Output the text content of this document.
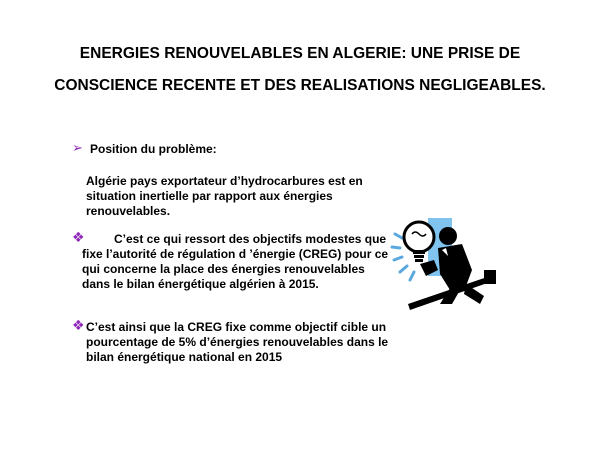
ENERGIES RENOUVELABLES EN ALGERIE: UNE PRISE DE
CONSCIENCE RECENTE ET DES REALISATIONS NEGLIGEABLES.
➢ Position du problème:
Algérie pays exportateur d’hydrocarbures est en
situation inertielle par rapport aux énergies
renouvelables.
❖	C’est ce qui ressort des objectifs modestes que
fixe l’autorité de régulation d ’énergie (CREG) pour ce
qui concerne la place des énergies renouvelables
dans le bilan énergétique algérien à 2015.
❖ C’est ainsi que la CREG fixe comme objectif cible un
pourcentage de 5% d’énergies renouvelables dans le
bilan énergétique national en 2015
